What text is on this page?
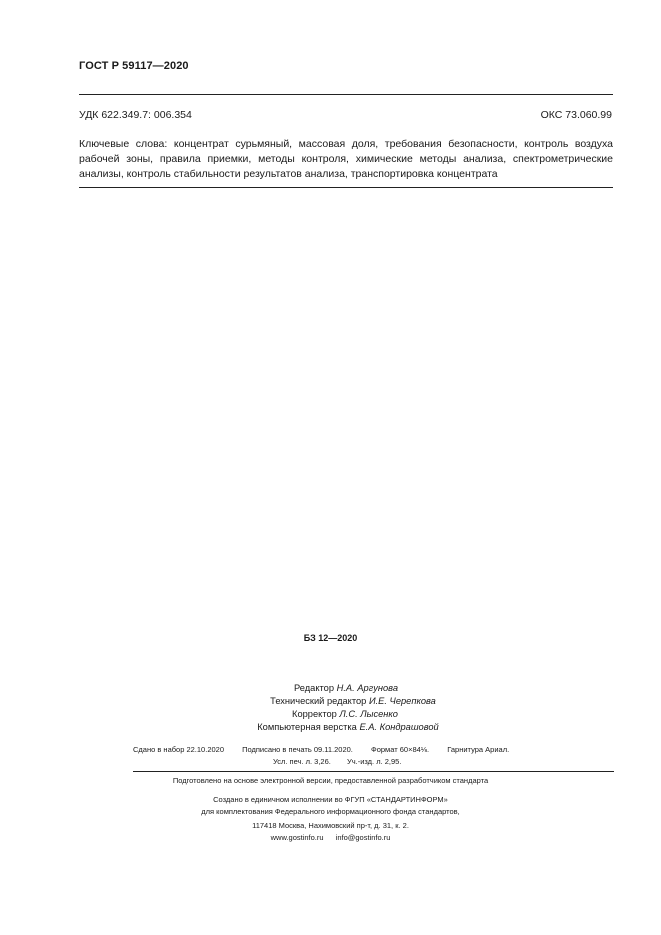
ГОСТ Р 59117—2020
УДК 622.349.7: 006.354	ОКС 73.060.99
Ключевые слова: концентрат сурьмяный, массовая доля, требования безопасности, контроль воздуха рабочей зоны, правила приемки, методы контроля, химические методы анализа, спектрометрические анализы, контроль стабильности результатов анализа, транспортировка концентрата
БЗ 12—2020
Редактор Н.А. Аргунова
Технический редактор И.Е. Черепкова
Корректор Л.С. Лысенко
Компьютерная верстка Е.А. Кондрашовой
Сдано в набор 22.10.2020 Подписано в печать 09.11.2020. Формат 60×84⅛. Гарнитура Ариал.
Усл. печ. л. 3,26. Уч.-изд. л. 2,95.
Подготовлено на основе электронной версии, предоставленной разработчиком стандарта
Создано в единичном исполнении во ФГУП «СТАНДАРТИНФОРМ»
для комплектования Федерального информационного фонда стандартов,
117418 Москва, Нахимовский пр-т, д. 31, к. 2.
www.gostinfo.ru info@gostinfo.ru
